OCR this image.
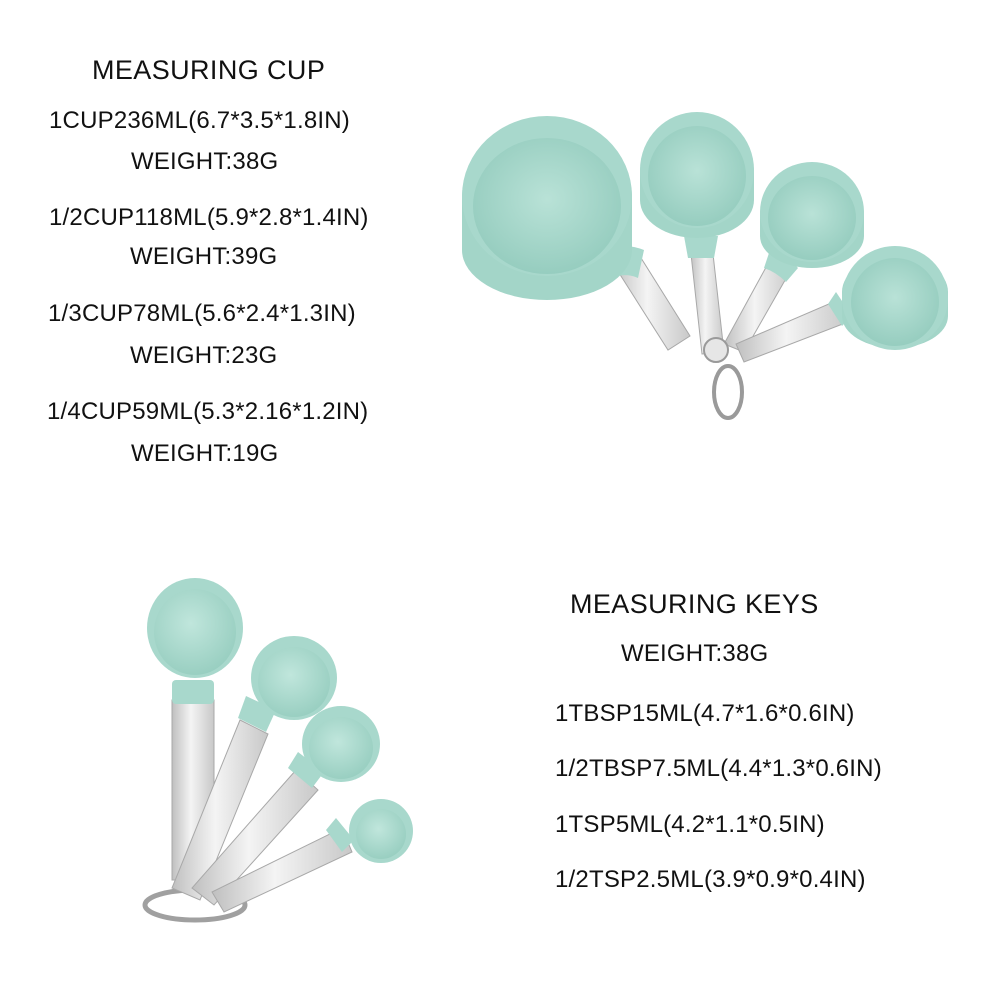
MEASURING CUP
1CUP236ML(6.7*3.5*1.8IN)
WEIGHT:38G
1/2CUP118ML(5.9*2.8*1.4IN)
WEIGHT:39G
1/3CUP78ML(5.6*2.4*1.3IN)
WEIGHT:23G
1/4CUP59ML(5.3*2.16*1.2IN)
WEIGHT:19G
MEASURING KEYS
WEIGHT:38G
1TBSP15ML(4.7*1.6*0.6IN)
1/2TBSP7.5ML(4.4*1.3*0.6IN)
1TSP5ML(4.2*1.1*0.5IN)
1/2TSP2.5ML(3.9*0.9*0.4IN)
